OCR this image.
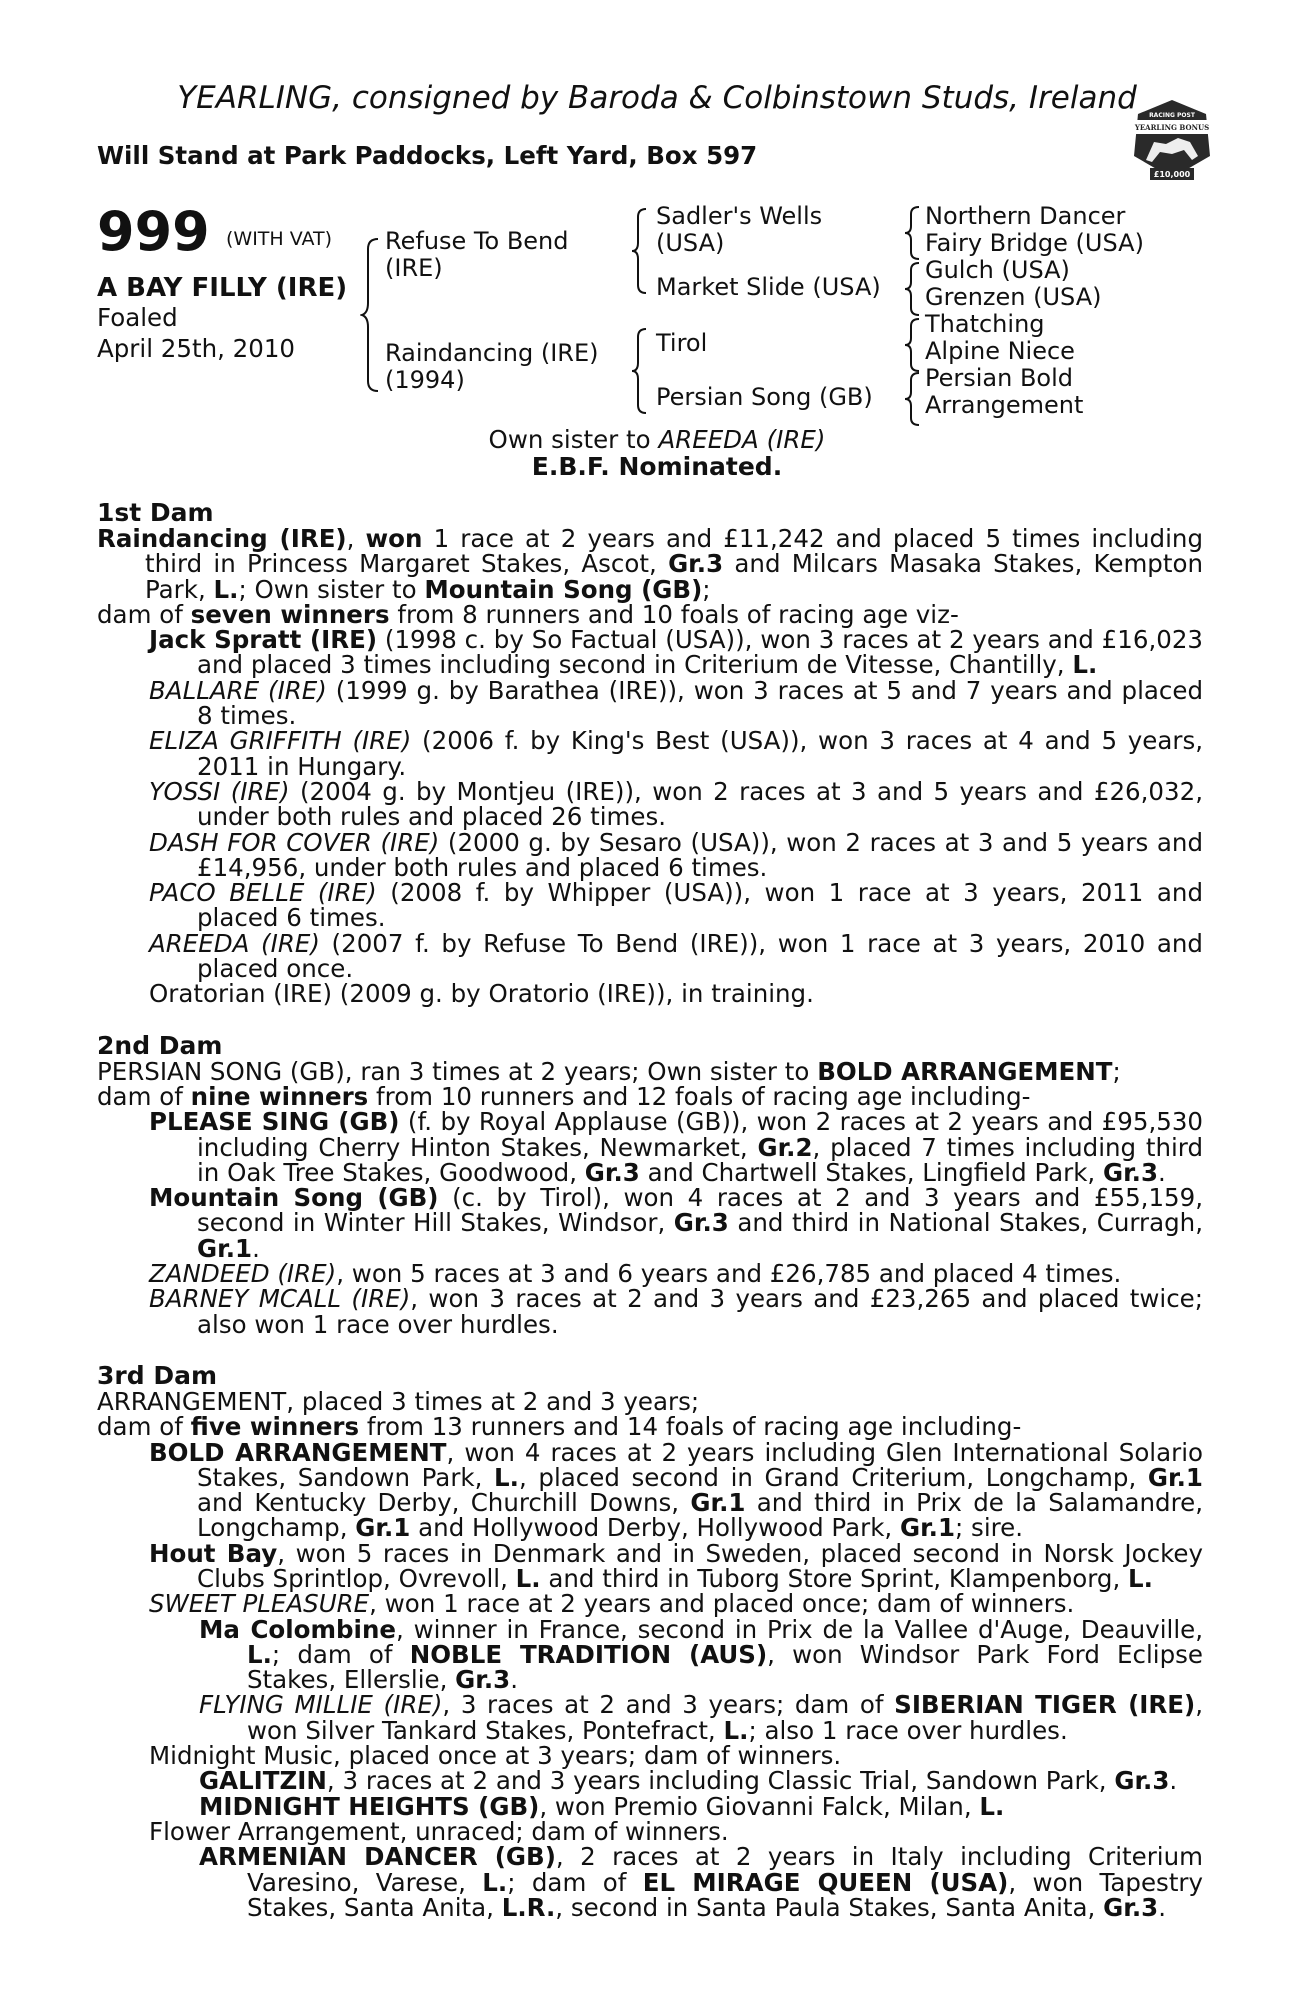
YEARLING, consigned by Baroda & Colbinstown Studs, Ireland
Will Stand at Park Paddocks, Left Yard, Box 597
RACING POST
YEARLING BONUS
£10,000
999 (WITH VAT)
A BAY FILLY (IRE)
Foaled
April 25th, 2010
Refuse To Bend
(IRE)
Raindancing (IRE)
(1994)
Sadler's Wells
(USA)
Market Slide (USA)
Tirol
Persian Song (GB)
Northern Dancer
Fairy Bridge (USA)
Gulch (USA)
Grenzen (USA)
Thatching
Alpine Niece
Persian Bold
Arrangement
Own sister to AREEDA (IRE)
E.B.F. Nominated.
1st Dam

Raindancing (IRE), won 1 race at 2 years and £11,242 and placed 5 times including third in Princess Margaret Stakes, Ascot, Gr.3 and Milcars Masaka Stakes, Kempton Park, L.; Own sister to Mountain Song (GB);

dam of seven winners from 8 runners and 10 foals of racing age viz-

Jack Spratt (IRE) (1998 c. by So Factual (USA)), won 3 races at 2 years and £16,023 and placed 3 times including second in Criterium de Vitesse, Chantilly, L.

BALLARE (IRE) (1999 g. by Barathea (IRE)), won 3 races at 5 and 7 years and placed 8 times.

ELIZA GRIFFITH (IRE) (2006 f. by King's Best (USA)), won 3 races at 4 and 5 years, 2011 in Hungary.

YOSSI (IRE) (2004 g. by Montjeu (IRE)), won 2 races at 3 and 5 years and £26,032, under both rules and placed 26 times.

DASH FOR COVER (IRE) (2000 g. by Sesaro (USA)), won 2 races at 3 and 5 years and £14,956, under both rules and placed 6 times.

PACO BELLE (IRE) (2008 f. by Whipper (USA)), won 1 race at 3 years, 2011 and placed 6 times.

AREEDA (IRE) (2007 f. by Refuse To Bend (IRE)), won 1 race at 3 years, 2010 and placed once.

Oratorian (IRE) (2009 g. by Oratorio (IRE)), in training.

2nd Dam

PERSIAN SONG (GB), ran 3 times at 2 years; Own sister to BOLD ARRANGEMENT;

dam of nine winners from 10 runners and 12 foals of racing age including-

PLEASE SING (GB) (f. by Royal Applause (GB)), won 2 races at 2 years and £95,530 including Cherry Hinton Stakes, Newmarket, Gr.2, placed 7 times including third in Oak Tree Stakes, Goodwood, Gr.3 and Chartwell Stakes, Lingfield Park, Gr.3.

Mountain Song (GB) (c. by Tirol), won 4 races at 2 and 3 years and £55,159, second in Winter Hill Stakes, Windsor, Gr.3 and third in National Stakes, Curragh, Gr.1.

ZANDEED (IRE), won 5 races at 3 and 6 years and £26,785 and placed 4 times.

BARNEY MCALL (IRE), won 3 races at 2 and 3 years and £23,265 and placed twice; also won 1 race over hurdles.

3rd Dam

ARRANGEMENT, placed 3 times at 2 and 3 years;

dam of five winners from 13 runners and 14 foals of racing age including-

BOLD ARRANGEMENT, won 4 races at 2 years including Glen International Solario Stakes, Sandown Park, L., placed second in Grand Criterium, Longchamp, Gr.1 and Kentucky Derby, Churchill Downs, Gr.1 and third in Prix de la Salamandre, Longchamp, Gr.1 and Hollywood Derby, Hollywood Park, Gr.1; sire.

Hout Bay, won 5 races in Denmark and in Sweden, placed second in Norsk Jockey Clubs Sprintlop, Ovrevoll, L. and third in Tuborg Store Sprint, Klampenborg, L.

SWEET PLEASURE, won 1 race at 2 years and placed once; dam of winners.

Ma Colombine, winner in France, second in Prix de la Vallee d'Auge, Deauville, L.; dam of NOBLE TRADITION (AUS), won Windsor Park Ford Eclipse Stakes, Ellerslie, Gr.3.

FLYING MILLIE (IRE), 3 races at 2 and 3 years; dam of SIBERIAN TIGER (IRE), won Silver Tankard Stakes, Pontefract, L.; also 1 race over hurdles.

Midnight Music, placed once at 3 years; dam of winners.

GALITZIN, 3 races at 2 and 3 years including Classic Trial, Sandown Park, Gr.3.

MIDNIGHT HEIGHTS (GB), won Premio Giovanni Falck, Milan, L.

Flower Arrangement, unraced; dam of winners.

ARMENIAN DANCER (GB), 2 races at 2 years in Italy including Criterium Varesino, Varese, L.; dam of EL MIRAGE QUEEN (USA), won Tapestry Stakes, Santa Anita, L.R., second in Santa Paula Stakes, Santa Anita, Gr.3.
